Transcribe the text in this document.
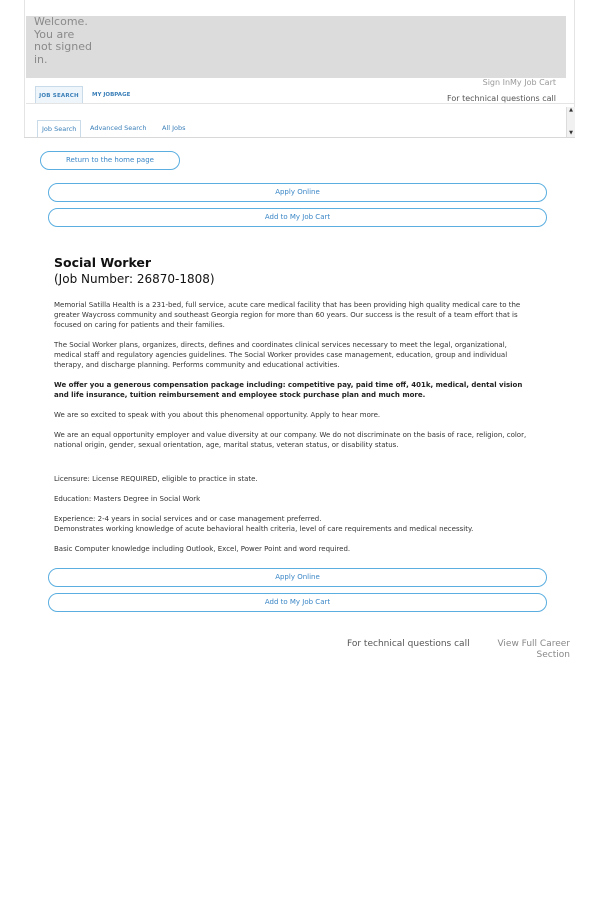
Welcome. You are not signed in.
Sign InMy Job Cart
For technical questions call
JOB SEARCH	MY JOBPAGE
Job Search	Advanced Search	All Jobs
▲
▼
Return to the home page
Apply Online
Add to My Job Cart
Social Worker
(Job Number: 26870-1808)
Memorial Satilla Health is a 231-bed, full service, acute care medical facility that has been providing high quality medical care to the greater Waycross community and southeast Georgia region for more than 60 years. Our success is the result of a team effort that is focused on caring for patients and their families.
The Social Worker plans, organizes, directs, defines and coordinates clinical services necessary to meet the legal, organizational, medical staff and regulatory agencies guidelines. The Social Worker provides case management, education, group and individual therapy, and discharge planning. Performs community and educational activities.
We offer you a generous compensation package including: competitive pay, paid time off, 401k, medical, dental vision and life insurance, tuition reimbursement and employee stock purchase plan and much more.
We are so excited to speak with you about this phenomenal opportunity. Apply to hear more.
We are an equal opportunity employer and value diversity at our company. We do not discriminate on the basis of race, religion, color, national origin, gender, sexual orientation, age, marital status, veteran status, or disability status.
Licensure: License REQUIRED, eligible to practice in state.
Education: Masters Degree in Social Work
Experience: 2-4 years in social services and or case management preferred.
Demonstrates working knowledge of acute behavioral health criteria, level of care requirements and medical necessity.
Basic Computer knowledge including Outlook, Excel, Power Point and word required.
Apply Online
Add to My Job Cart
For technical questions call	View Full Career Section
